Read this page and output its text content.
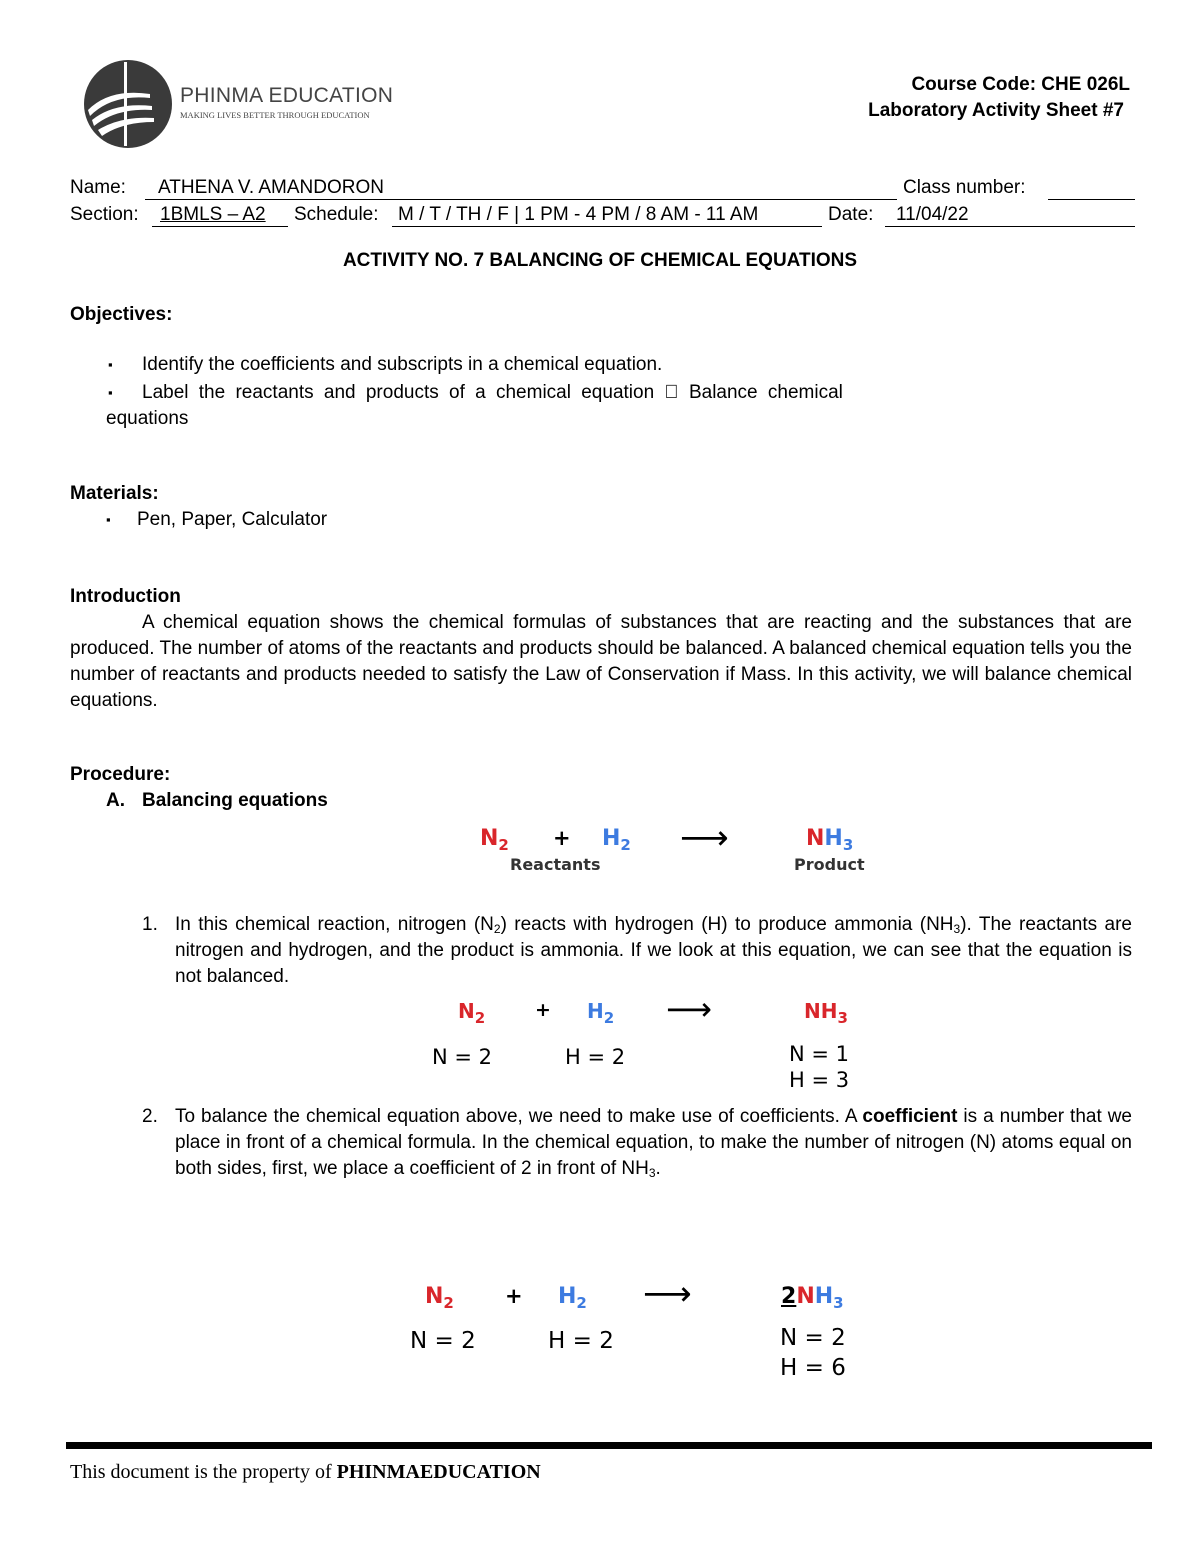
PHINMA EDUCATION
MAKING LIVES BETTER THROUGH EDUCATION
Course Code: CHE 026L
Laboratory Activity Sheet #7
Name: ATHENA V. AMANDORON	Class number:
Section: 1BMLS – A2 Schedule: M / T / TH / F | 1 PM - 4 PM / 8 AM - 11 AM	Date: 11/04/22
ACTIVITY NO. 7 BALANCING OF CHEMICAL EQUATIONS
Objectives:
▪ Identify the coefficients and subscripts in a chemical equation.
▪ Label the reactants and products of a chemical equation Balance chemical
equations
Materials:
▪ Pen, Paper, Calculator
Introduction
A chemical equation shows the chemical formulas of substances that are reacting and the substances that are produced. The number of atoms of the reactants and products should be balanced. A balanced chemical equation tells you the number of reactants and products needed to satisfy the Law of Conservation if Mass. In this activity, we will balance chemical equations.
Procedure:
A. Balancing equations
$N_2 + H_2$ ⟶	$NH_3$
Reactants	Product
1. In this chemical reaction, nitrogen $(N_2)$ reacts with hydrogen (H) to produce ammonia $(NH_3)$. The reactants are nitrogen and hydrogen, and the product is ammonia. If we look at this equation, we can see that the equation is not balanced.
$N_2$	+ $H_2$ ⟶	$NH_3$
N = 2	H = 2	N = 1
H = 3
2. To balance the chemical equation above, we need to make use of coefficients. A coefficient is a number that we place in front of a chemical formula. In the chemical equation, to make the number of nitrogen (N) atoms equal on both sides, first, we place a coefficient of 2 in front of $NH_3$.
$N_2 + H_2$ ⟶	$2NH_3$
N = 2	H = 2	N = 2
H = 6
This document is the property of PHINMAEDUCATION
